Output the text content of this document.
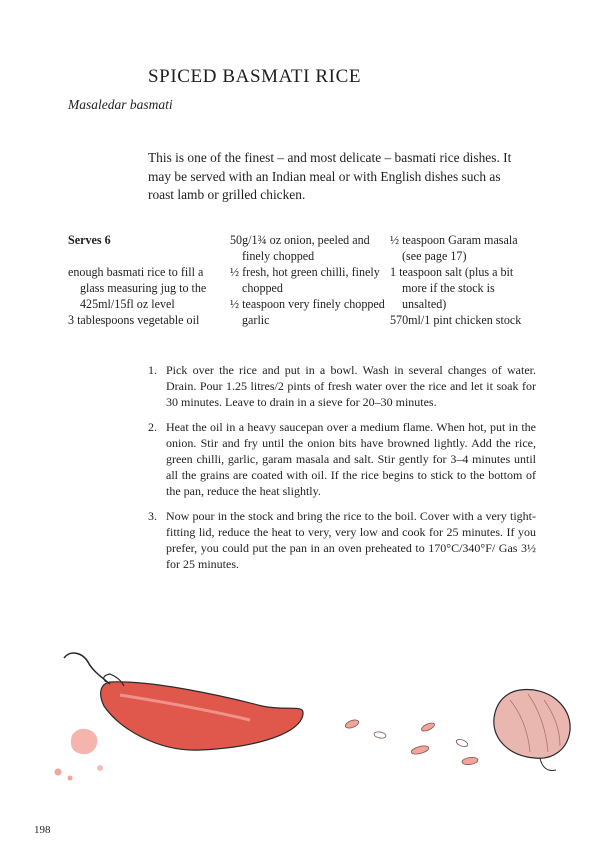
SPICED BASMATI RICE

Masaledar basmati

This is one of the finest – and most delicate – basmati rice dishes. It may be served with an Indian meal or with English dishes such as roast lamb or grilled chicken.

Serves 6

enough basmati rice to fill a glass measuring jug to the 425ml/15fl oz level

3 tablespoons vegetable oil

50g/1¾ oz onion, peeled and finely chopped

½ fresh, hot green chilli, finely chopped

½ teaspoon very finely chopped garlic

½ teaspoon Garam masala (see page 17)

1 teaspoon salt (plus a bit more if the stock is unsalted)

570ml/1 pint chicken stock

1. Pick over the rice and put in a bowl. Wash in several changes of water. Drain. Pour 1.25 litres/2 pints of fresh water over the rice and let it soak for 30 minutes. Leave to drain in a sieve for 20–30 minutes.
2. Heat the oil in a heavy saucepan over a medium flame. When hot, put in the onion. Stir and fry until the onion bits have browned lightly. Add the rice, green chilli, garlic, garam masala and salt. Stir gently for 3–4 minutes until all the grains are coated with oil. If the rice begins to stick to the bottom of the pan, reduce the heat slightly.
3. Now pour in the stock and bring the rice to the boil. Cover with a very tight-fitting lid, reduce the heat to very, very low and cook for 25 minutes. If you prefer, you could put the pan in an oven preheated to 170°C/340°F/ Gas 3½ for 25 minutes.
198
